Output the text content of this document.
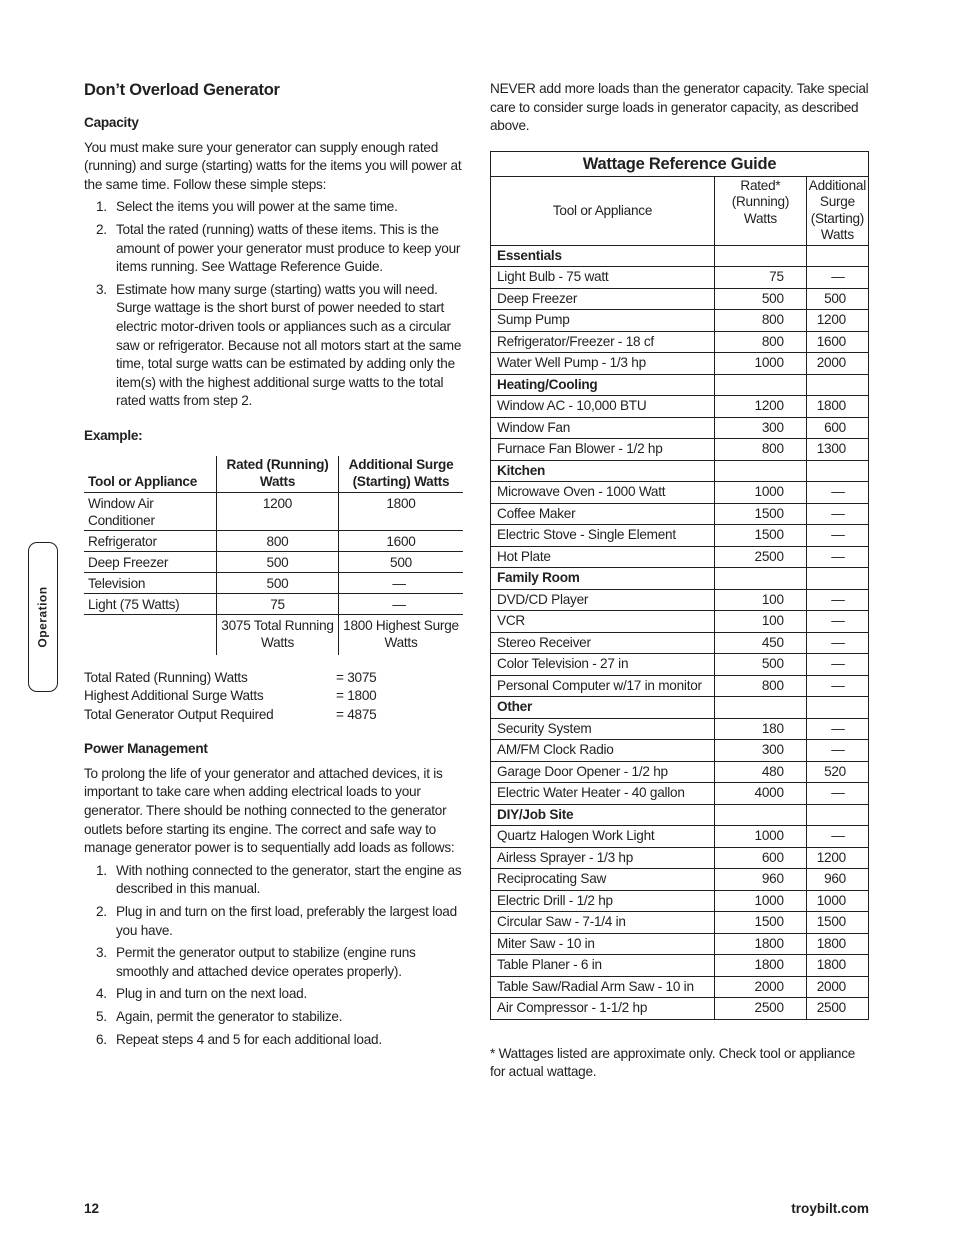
Operation
Don’t Overload Generator
Capacity

You must make sure your generator can supply enough rated (running) and surge (starting) watts for the items you will power at the same time. Follow these simple steps:

1. Select the items you will power at the same time.
2. Total the rated (running) watts of these items. This is the amount of power your generator must produce to keep your items running. See Wattage Reference Guide.
3. Estimate how many surge (starting) watts you will need. Surge wattage is the short burst of power needed to start electric motor-driven tools or appliances such as a circular saw or refrigerator. Because not all motors start at the same time, total surge watts can be estimated by adding only the item(s) with the highest additional surge watts to the total rated watts from step 2.
Example:
Tool or Appliance	Rated (Running) Watts	Additional Surge (Starting) Watts
Window Air Conditioner	1200	1800
Refrigerator	800	1600
Deep Freezer	500	500
Television	500	—
Light (75 Watts)	75	—
	3075 Total Running Watts	1800 Highest Surge Watts
Total Rated (Running) Watts	= 3075
Highest Additional Surge Watts	= 1800
Total Generator Output Required	= 4875
Power Management

To prolong the life of your generator and attached devices, it is important to take care when adding electrical loads to your generator. There should be nothing connected to the generator outlets before starting its engine. The correct and safe way to manage generator power is to sequentially add loads as follows:

1. With nothing connected to the generator, start the engine as described in this manual.
2. Plug in and turn on the first load, preferably the largest load you have.
3. Permit the generator output to stabilize (engine runs smoothly and attached device operates properly).
4. Plug in and turn on the next load.
5. Again, permit the generator to stabilize.
6. Repeat steps 4 and 5 for each additional load.

NEVER add more loads than the generator capacity. Take special care to consider surge loads in generator capacity, as described above.

Wattage Reference Guide		
Tool or Appliance	Rated* (Running) Watts	Additional Surge (Starting) Watts
Essentials		
Light Bulb - 75 watt	75	—
Deep Freezer	500	500
Sump Pump	800	1200
Refrigerator/Freezer - 18 cf	800	1600
Water Well Pump - 1/3 hp	1000	2000
Heating/Cooling		
Window AC - 10,000 BTU	1200	1800
Window Fan	300	600
Furnace Fan Blower - 1/2 hp	800	1300
Kitchen		
Microwave Oven - 1000 Watt	1000	—
Coffee Maker	1500	—
Electric Stove - Single Element	1500	—
Hot Plate	2500	—
Family Room		
DVD/CD Player	100	—
VCR	100	—
Stereo Receiver	450	—
Color Television - 27 in	500	—
Personal Computer w/17 in monitor	800	—
Other		
Security System	180	—
AM/FM Clock Radio	300	—
Garage Door Opener - 1/2 hp	480	520
Electric Water Heater - 40 gallon	4000	—
DIY/Job Site		
Quartz Halogen Work Light	1000	—
Airless Sprayer - 1/3 hp	600	1200
Reciprocating Saw	960	960
Electric Drill - 1/2 hp	1000	1000
Circular Saw - 7-1/4 in	1500	1500
Miter Saw - 10 in	1800	1800
Table Planer - 6 in	1800	1800
Table Saw/Radial Arm Saw - 10 in	2000	2000
Air Compressor - 1-1/2 hp	2500	2500

* Wattages listed are approximate only. Check tool or appliance for actual wattage.

12	troybilt.com
